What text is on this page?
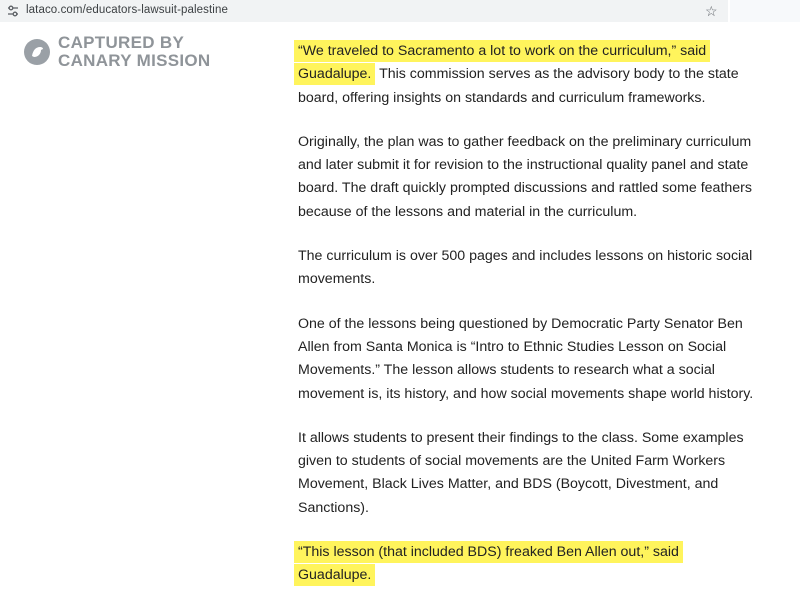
lataco.com/educators-lawsuit-palestine	☆
CAPTURED BY
CANARY MISSION	“We traveled to Sacramento a lot to work on the curriculum,” said Guadalupe. This commission serves as the advisory body to the state board, offering insights on standards and curriculum frameworks.

Originally, the plan was to gather feedback on the preliminary curriculum and later submit it for revision to the instructional quality panel and state board. The draft quickly prompted discussions and rattled some feathers because of the lessons and material in the curriculum.

The curriculum is over 500 pages and includes lessons on historic social movements.

One of the lessons being questioned by Democratic Party Senator Ben Allen from Santa Monica is “Intro to Ethnic Studies Lesson on Social Movements.” The lesson allows students to research what a social movement is, its history, and how social movements shape world history.

It allows students to present their findings to the class. Some examples given to students of social movements are the United Farm Workers Movement, Black Lives Matter, and BDS (Boycott, Divestment, and Sanctions).

“This lesson (that included BDS) freaked Ben Allen out,” said Guadalupe.
